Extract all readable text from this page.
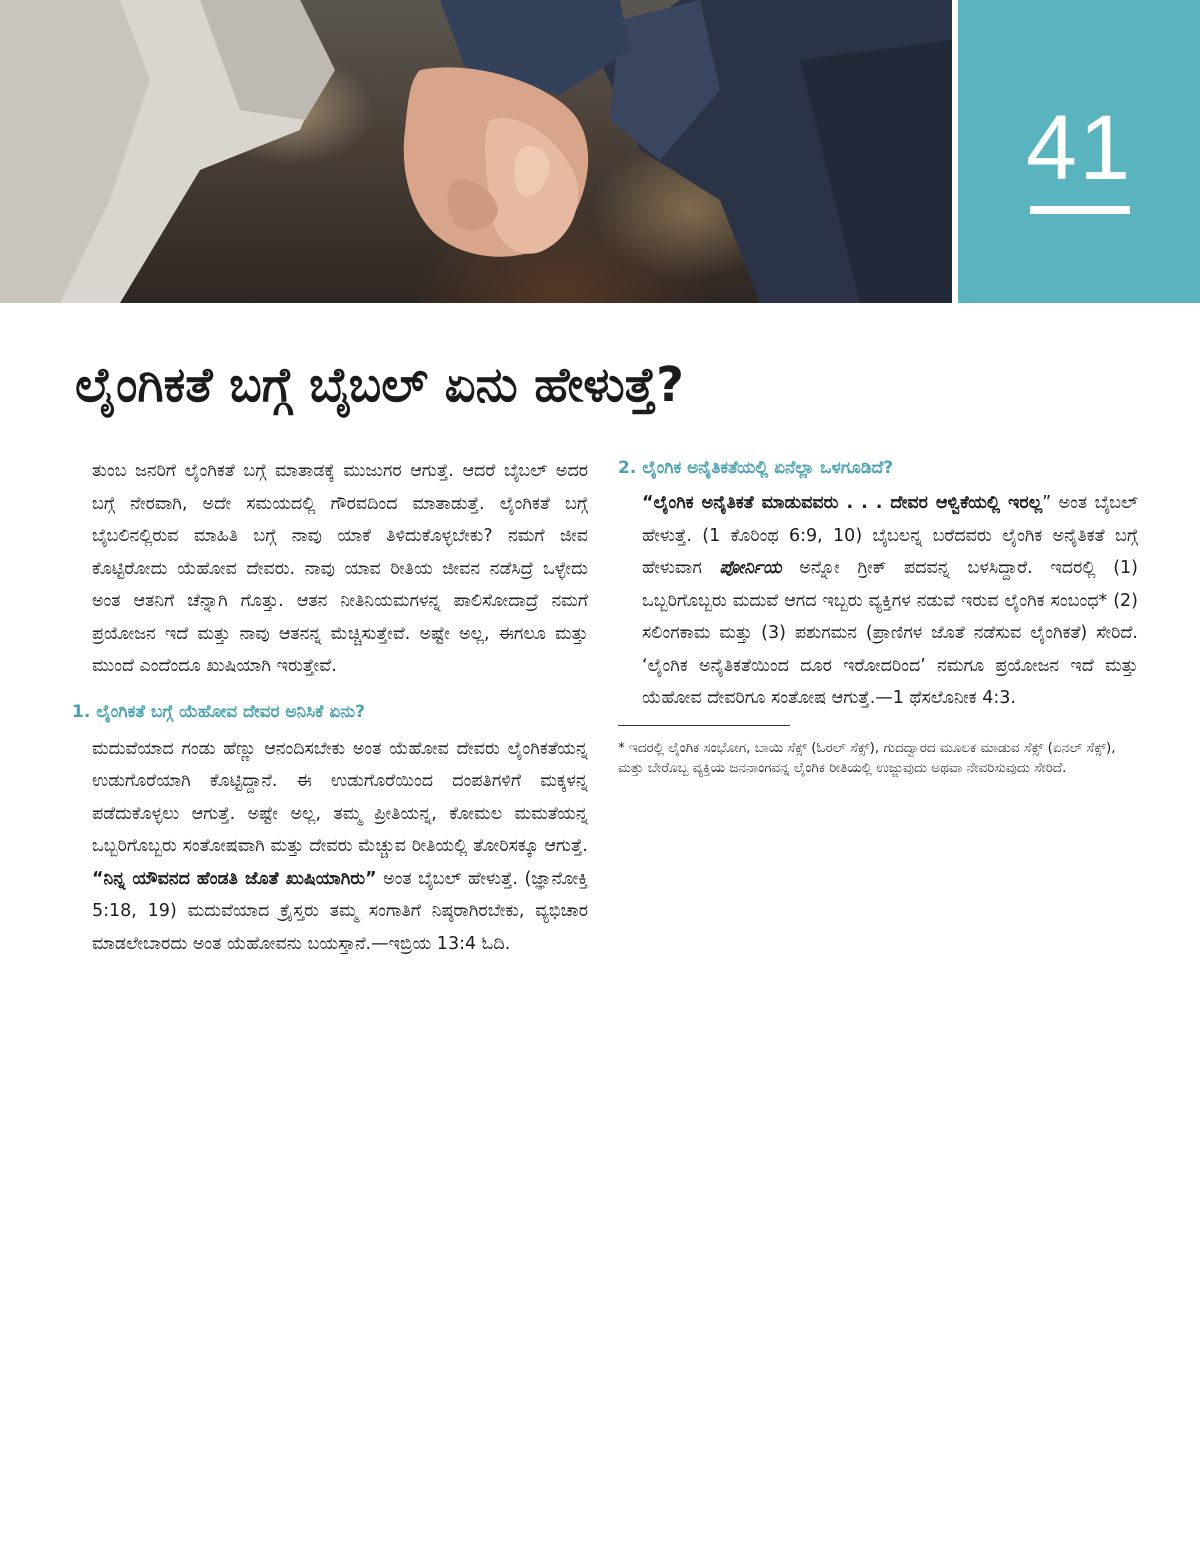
41
ಲೈಂಗಿಕತೆ ಬಗ್ಗೆ ಬೈಬಲ್ ಏನು ಹೇಳುತ್ತೆ?

ತುಂಬ ಜನರಿಗೆ ಲೈಂಗಿಕತೆ ಬಗ್ಗೆ ಮಾತಾಡಕ್ಕೆ ಮುಜುಗರ ಆಗುತ್ತೆ. ಆದರೆ ಬೈಬಲ್ ಅದರ ಬಗ್ಗೆ ನೇರವಾಗಿ, ಅದೇ ಸಮಯದಲ್ಲಿ ಗೌರವದಿಂದ ಮಾತಾಡುತ್ತೆ. ಲೈಂಗಿಕತೆ ಬಗ್ಗೆ ಬೈಬಲಿನಲ್ಲಿರುವ ಮಾಹಿತಿ ಬಗ್ಗೆ ನಾವು ಯಾಕೆ ತಿಳಿದುಕೊಳ್ಳಬೇಕು? ನಮಗೆ ಜೀವ ಕೊಟ್ಟಿರೋದು ಯೆಹೋವ ದೇವರು. ನಾವು ಯಾವ ರೀತಿಯ ಜೀವನ ನಡೆಸಿದ್ರೆ ಒಳ್ಳೇದು ಅಂತ ಆತನಿಗೆ ಚೆನ್ನಾಗಿ ಗೊತ್ತು. ಆತನ ನೀತಿನಿಯಮಗಳನ್ನ ಪಾಲಿಸೋದಾದ್ರೆ ನಮಗೆ ಪ್ರಯೋಜನ ಇದೆ ಮತ್ತು ನಾವು ಆತನನ್ನ ಮೆಚ್ಚಿಸುತ್ತೇವೆ. ಅಷ್ಟೇ ಅಲ್ಲ, ಈಗಲೂ ಮತ್ತು ಮುಂದೆ ಎಂದೆಂದೂ ಖುಷಿಯಾಗಿ ಇರುತ್ತೇವೆ.

1. ಲೈಂಗಿಕತೆ ಬಗ್ಗೆ ಯೆಹೋವ ದೇವರ ಅನಿಸಿಕೆ ಏನು?

ಮದುವೆಯಾದ ಗಂಡು ಹೆಣ್ಣು ಆನಂದಿಸಬೇಕು ಅಂತ ಯೆಹೋವ ದೇವರು ಲೈಂಗಿಕತೆಯನ್ನ ಉಡುಗೊರೆಯಾಗಿ ಕೊಟ್ಟಿದ್ದಾನೆ. ಈ ಉಡುಗೊರೆಯಿಂದ ದಂಪತಿಗಳಿಗೆ ಮಕ್ಕಳನ್ನ ಪಡೆದುಕೊಳ್ಳಲು ಆಗುತ್ತೆ. ಅಷ್ಟೇ ಅಲ್ಲ, ತಮ್ಮ ಪ್ರೀತಿಯನ್ನ, ಕೋಮಲ ಮಮತೆಯನ್ನ ಒಬ್ಬರಿಗೊಬ್ಬರು ಸಂತೋಷವಾಗಿ ಮತ್ತು ದೇವರು ಮೆಚ್ಚುವ ರೀತಿಯಲ್ಲಿ ತೋರಿಸಕ್ಕೂ ಆಗುತ್ತೆ. “ನಿನ್ನ ಯೌವನದ ಹೆಂಡತಿ ಜೊತೆ ಖುಷಿಯಾಗಿರು” ಅಂತ ಬೈಬಲ್ ಹೇಳುತ್ತೆ. (ಜ್ಞಾನೋಕ್ತಿ 5:18, 19) ಮದುವೆಯಾದ ಕ್ರೈಸ್ತರು ತಮ್ಮ ಸಂಗಾತಿಗೆ ನಿಷ್ಠರಾಗಿರಬೇಕು, ವ್ಯಭಿಚಾರ ಮಾಡಲೇಬಾರದು ಅಂತ ಯೆಹೋವನು ಬಯಸ್ತಾನೆ.—ಇಬ್ರಿಯ 13:4 ಓದಿ.

2. ಲೈಂಗಿಕ ಅನೈತಿಕತೆಯಲ್ಲಿ ಏನೆಲ್ಲಾ ಒಳಗೂಡಿದೆ?

“ಲೈಂಗಿಕ ಅನೈತಿಕತೆ ಮಾಡುವವರು . . . ದೇವರ ಆಳ್ವಿಕೆಯಲ್ಲಿ ಇರಲ್ಲ” ಅಂತ ಬೈಬಲ್ ಹೇಳುತ್ತೆ. (1 ಕೊರಿಂಥ 6:9, 10) ಬೈಬಲನ್ನ ಬರೆದವರು ಲೈಂಗಿಕ ಅನೈತಿಕತೆ ಬಗ್ಗೆ ಹೇಳುವಾಗ ಪೋರ್ನಿಯ ಅನ್ನೋ ಗ್ರೀಕ್ ಪದವನ್ನ ಬಳಸಿದ್ದಾರೆ. ಇದರಲ್ಲಿ (1) ಒಬ್ಬರಿಗೊಬ್ಬರು ಮದುವೆ ಆಗದ ಇಬ್ಬರು ವ್ಯಕ್ತಿಗಳ ನಡುವೆ ಇರುವ ಲೈಂಗಿಕ ಸಂಬಂಧ* (2) ಸಲಿಂಗಕಾಮ ಮತ್ತು (3) ಪಶುಗಮನ (ಪ್ರಾಣಿಗಳ ಜೊತೆ ನಡೆಸುವ ಲೈಂಗಿಕತೆ) ಸೇರಿದೆ. ‘ಲೈಂಗಿಕ ಅನೈತಿಕತೆಯಿಂದ ದೂರ ಇರೋದರಿಂದ’ ನಮಗೂ ಪ್ರಯೋಜನ ಇದೆ ಮತ್ತು ಯೆಹೋವ ದೇವರಿಗೂ ಸಂತೋಷ ಆಗುತ್ತೆ.—1 ಥೆಸಲೊನೀಕ 4:3.

* ಇದರಲ್ಲಿ ಲೈಂಗಿಕ ಸಂಭೋಗ, ಬಾಯಿ ಸೆಕ್ಸ್ (ಓರಲ್ ಸೆಕ್ಸ್), ಗುದದ್ವಾರದ ಮೂಲಕ ಮಾಡುವ ಸೆಕ್ಸ್ (ಏನಲ್ ಸೆಕ್ಸ್), ಮತ್ತು ಬೇರೊಬ್ಬ ವ್ಯಕ್ತಿಯ ಜನನಾಂಗವನ್ನ ಲೈಂಗಿಕ ರೀತಿಯಲ್ಲಿ ಉಜ್ಜುವುದು ಅಥವಾ ನೇವರಿಸುವುದು ಸೇರಿದೆ.
